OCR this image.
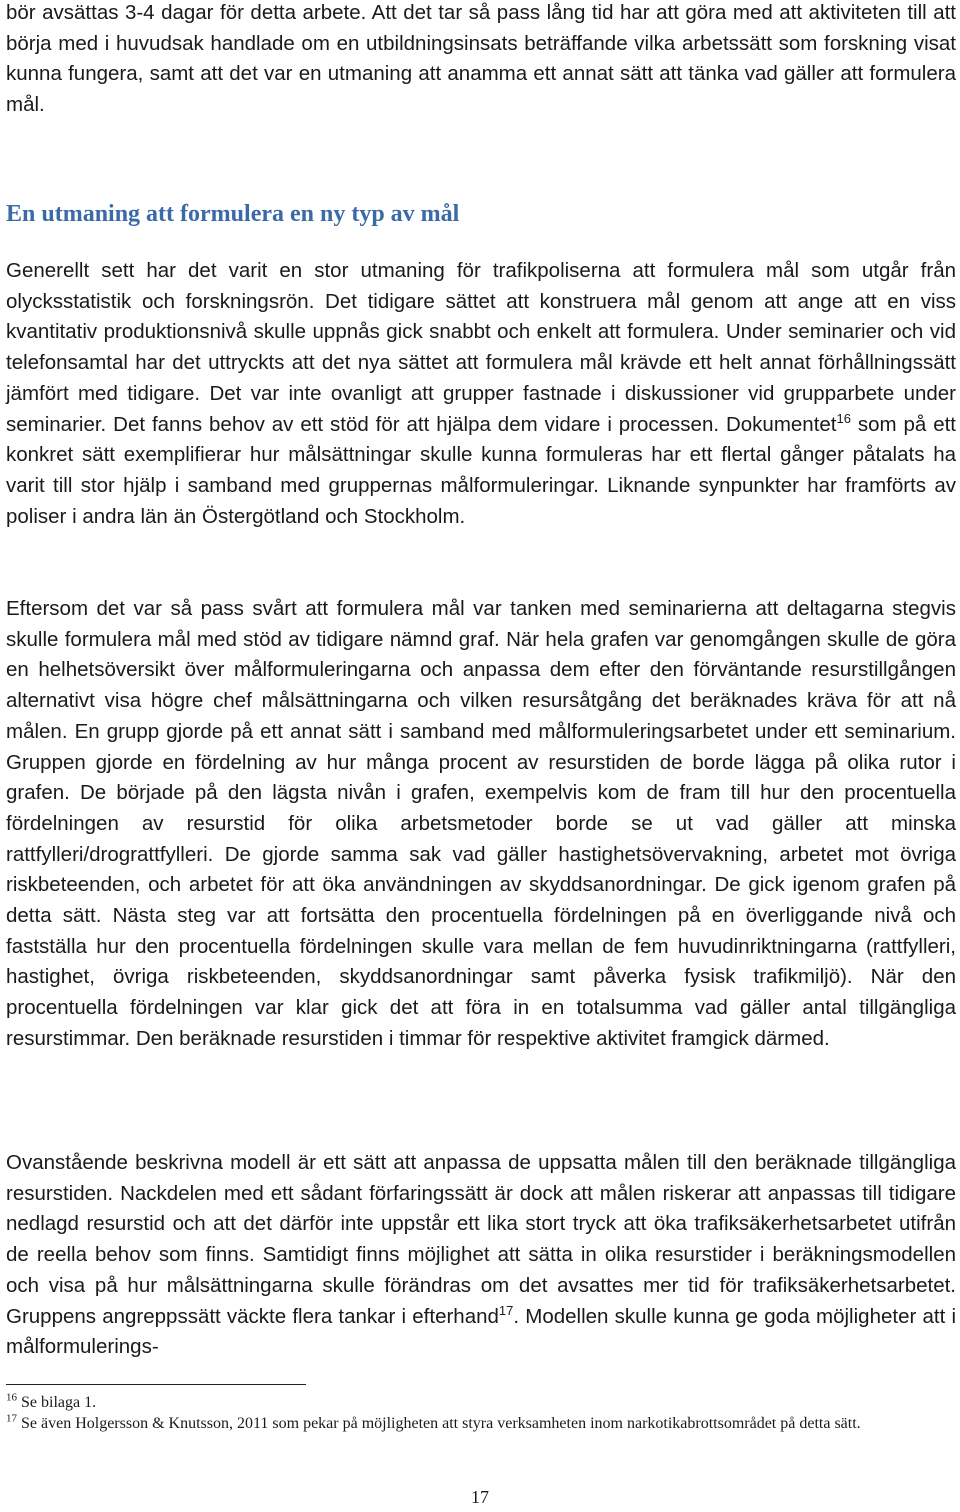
bör avsättas 3-4 dagar för detta arbete. Att det tar så pass lång tid har att göra med att aktiviteten till att börja med i huvudsak handlade om en utbildningsinsats beträffande vilka arbetssätt som forskning visat kunna fungera, samt att det var en utmaning att anamma ett annat sätt att tänka vad gäller att formulera mål.

En utmaning att formulera en ny typ av mål

Generellt sett har det varit en stor utmaning för trafikpoliserna att formulera mål som utgår från olycksstatistik och forskningsrön. Det tidigare sättet att konstruera mål genom att ange att en viss kvantitativ produktionsnivå skulle uppnås gick snabbt och enkelt att formulera. Under seminarier och vid telefonsamtal har det uttryckts att det nya sättet att formulera mål krävde ett helt annat förhållningssätt jämfört med tidigare. Det var inte ovanligt att grupper fastnade i diskussioner vid grupparbete under seminarier. Det fanns behov av ett stöd för att hjälpa dem vidare i processen. Dokumentet$^{16}$ som på ett konkret sätt exemplifierar hur målsättningar skulle kunna formuleras har ett flertal gånger påtalats ha varit till stor hjälp i samband med gruppernas målformuleringar. Liknande synpunkter har framförts av poliser i andra län än Östergötland och Stockholm.

Eftersom det var så pass svårt att formulera mål var tanken med seminarierna att deltagarna stegvis skulle formulera mål med stöd av tidigare nämnd graf. När hela grafen var genomgången skulle de göra en helhetsöversikt över målformuleringarna och anpassa dem efter den förväntande resurstillgången alternativt visa högre chef målsättningarna och vilken resursåtgång det beräknades kräva för att nå målen. En grupp gjorde på ett annat sätt i samband med målformuleringsarbetet under ett seminarium. Gruppen gjorde en fördelning av hur många procent av resurstiden de borde lägga på olika rutor i grafen. De började på den lägsta nivån i grafen, exempelvis kom de fram till hur den procentuella fördelningen av resurstid för olika arbetsmetoder borde se ut vad gäller att minska rattfylleri/drograttfylleri. De gjorde samma sak vad gäller hastighetsövervakning, arbetet mot övriga riskbeteenden, och arbetet för att öka användningen av skyddsanordningar. De gick igenom grafen på detta sätt. Nästa steg var att fortsätta den procentuella fördelningen på en överliggande nivå och fastställa hur den procentuella fördelningen skulle vara mellan de fem huvudinriktningarna (rattfylleri, hastighet, övriga riskbeteenden, skyddsanordningar samt påverka fysisk trafikmiljö). När den procentuella fördelningen var klar gick det att föra in en totalsumma vad gäller antal tillgängliga resurstimmar. Den beräknade resurstiden i timmar för respektive aktivitet framgick därmed.

Ovanstående beskrivna modell är ett sätt att anpassa de uppsatta målen till den beräknade tillgängliga resurstiden. Nackdelen med ett sådant förfaringssätt är dock att målen riskerar att anpassas till tidigare nedlagd resurstid och att det därför inte uppstår ett lika stort tryck att öka trafiksäkerhetsarbetet utifrån de reella behov som finns. Samtidigt finns möjlighet att sätta in olika resurstider i beräkningsmodellen och visa på hur målsättningarna skulle förändras om det avsattes mer tid för trafiksäkerhetsarbetet. Gruppens angreppssätt väckte flera tankar i efterhand$^{17}$. Modellen skulle kunna ge goda möjligheter att i målformulerings-

$^{16}$ Se bilaga 1.

$^{17}$ Se även Holgersson & Knutsson, 2011 som pekar på möjligheten att styra verksamheten inom narkotikabrottsområdet på detta sätt.

17
